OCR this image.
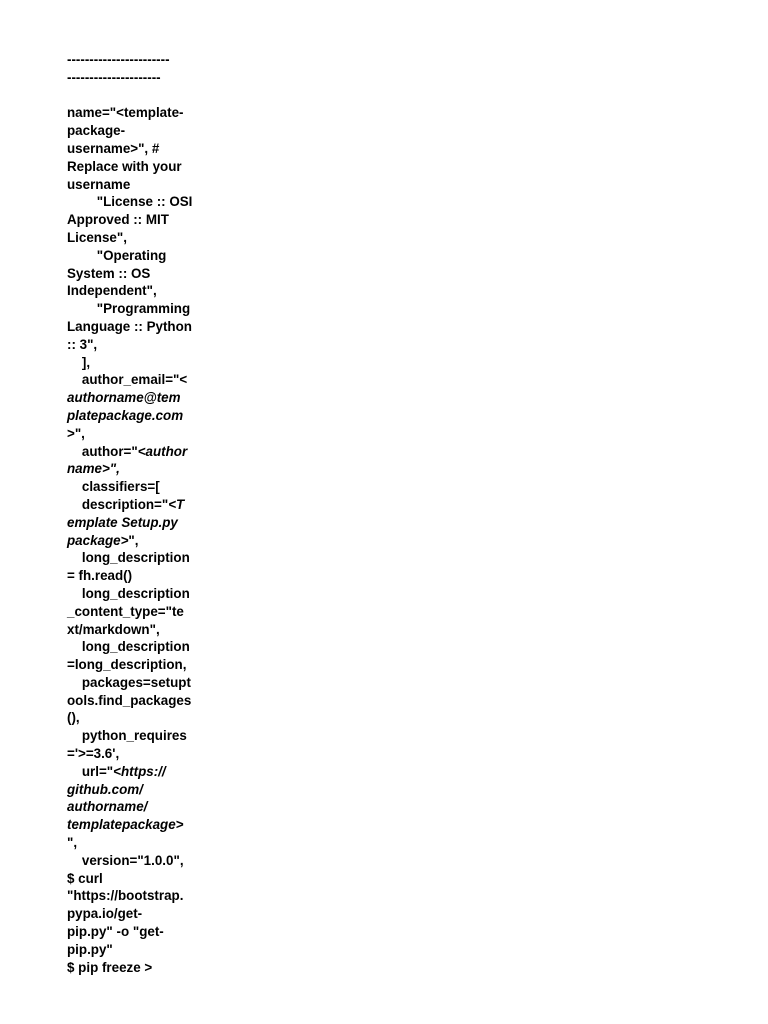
-----------------------
---------------------
name="<template-
package-
username>", #
Replace with your
username
"License :: OSI
Approved :: MIT
License",
"Operating
System :: OS
Independent",
"Programming
Language :: Python
:: 3",
],
author_email="<
authorname@tem
platepackage.com
>",
author="<author
name>",
classifiers=[
description="<T
emplate Setup.py
package>",
long_description
= fh.read()
long_description
_content_type="te
xt/markdown",
long_description
=long_description,
packages=setupt
ools.find_packages
(),
python_requires
='>=3.6',
url="<https://
github.com/
authorname/
templatepackage>
",
version="1.0.0",
$ curl
"https://bootstrap.
pypa.io/get-
pip.py" -o "get-
pip.py"
$ pip freeze >
